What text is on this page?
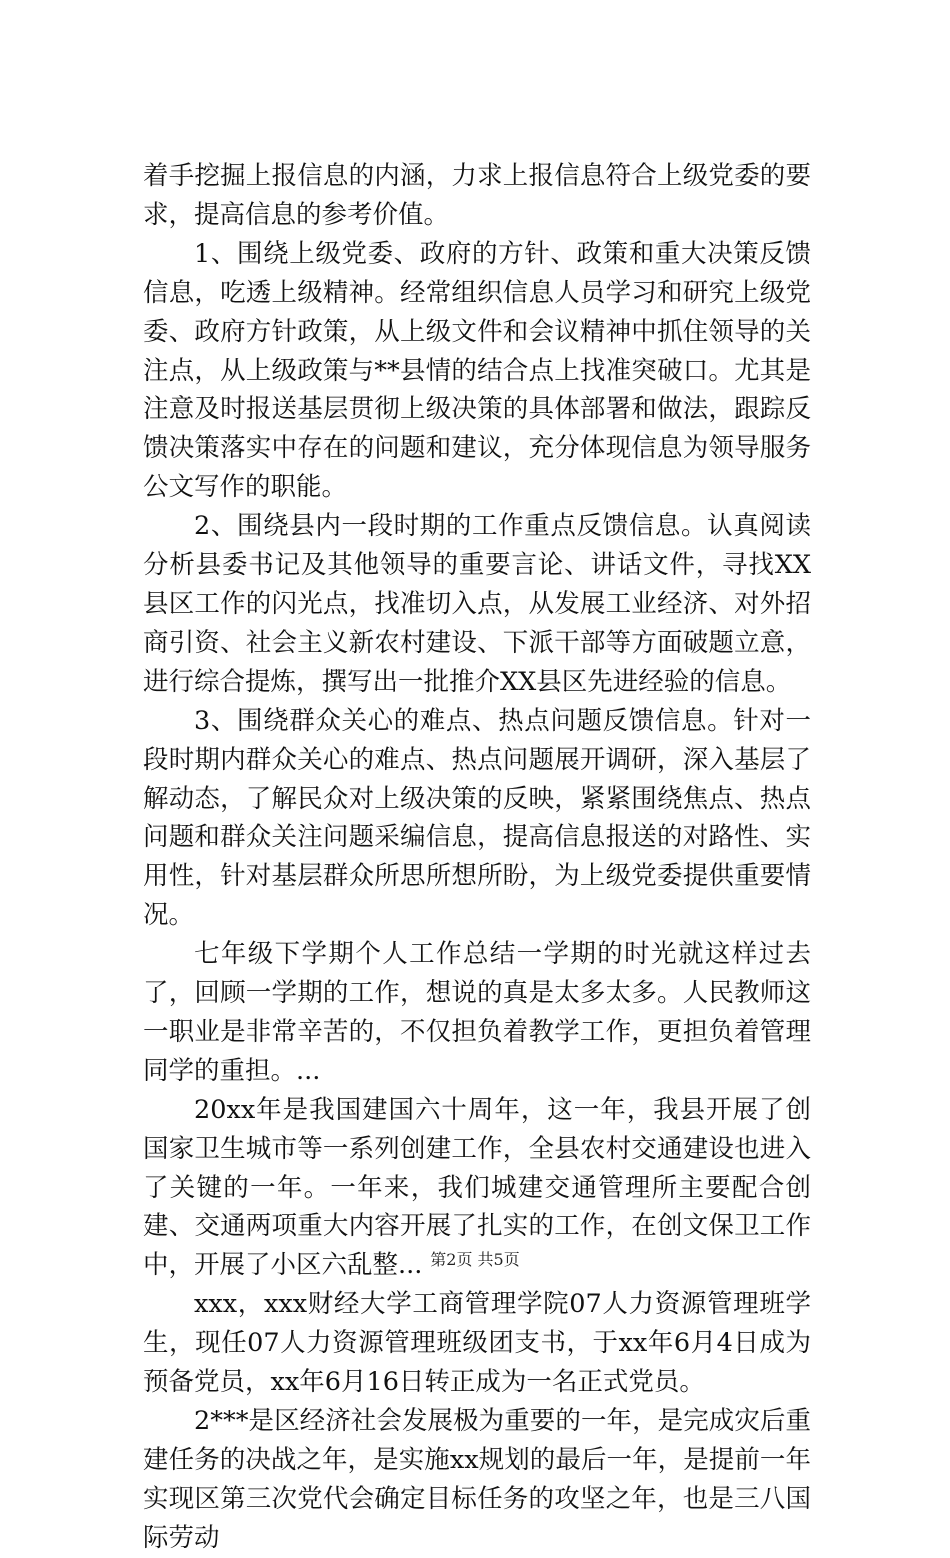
着手挖掘上报信息的内涵，力求上报信息符合上级党委的要求，提高信息的参考价值。

1、围绕上级党委、政府的方针、政策和重大决策反馈信息，吃透上级精神。经常组织信息人员学习和研究上级党委、政府方针政策，从上级文件和会议精神中抓住领导的关注点，从上级政策与**县情的结合点上找准突破口。尤其是注意及时报送基层贯彻上级决策的具体部署和做法，跟踪反馈决策落实中存在的问题和建议，充分体现信息为领导服务公文写作的职能。

2、围绕县内一段时期的工作重点反馈信息。认真阅读分析县委书记及其他领导的重要言论、讲话文件，寻找XX县区工作的闪光点，找准切入点，从发展工业经济、对外招商引资、社会主义新农村建设、下派干部等方面破题立意，进行综合提炼，撰写出一批推介XX县区先进经验的信息。

3、围绕群众关心的难点、热点问题反馈信息。针对一段时期内群众关心的难点、热点问题展开调研，深入基层了解动态，了解民众对上级决策的反映，紧紧围绕焦点、热点问题和群众关注问题采编信息，提高信息报送的对路性、实用性，针对基层群众所思所想所盼，为上级党委提供重要情况。

七年级下学期个人工作总结一学期的时光就这样过去了，回顾一学期的工作，想说的真是太多太多。人民教师这一职业是非常辛苦的，不仅担负着教学工作，更担负着管理同学的重担。...

20xx年是我国建国六十周年，这一年，我县开展了创国家卫生城市等一系列创建工作，全县农村交通建设也进入了关键的一年。一年来，我们城建交通管理所主要配合创建、交通两项重大内容开展了扎实的工作，在创文保卫工作中，开展了小区六乱整...

xxx，xxx财经大学工商管理学院07人力资源管理班学生，现任07人力资源管理班级团支书，于xx年6月4日成为预备党员，xx年6月16日转正成为一名正式党员。

2***是区经济社会发展极为重要的一年，是完成灾后重建任务的决战之年，是实施xx规划的最后一年，是提前一年实现区第三次党代会确定目标任务的攻坚之年，也是三八国际劳动

第2页 共5页
